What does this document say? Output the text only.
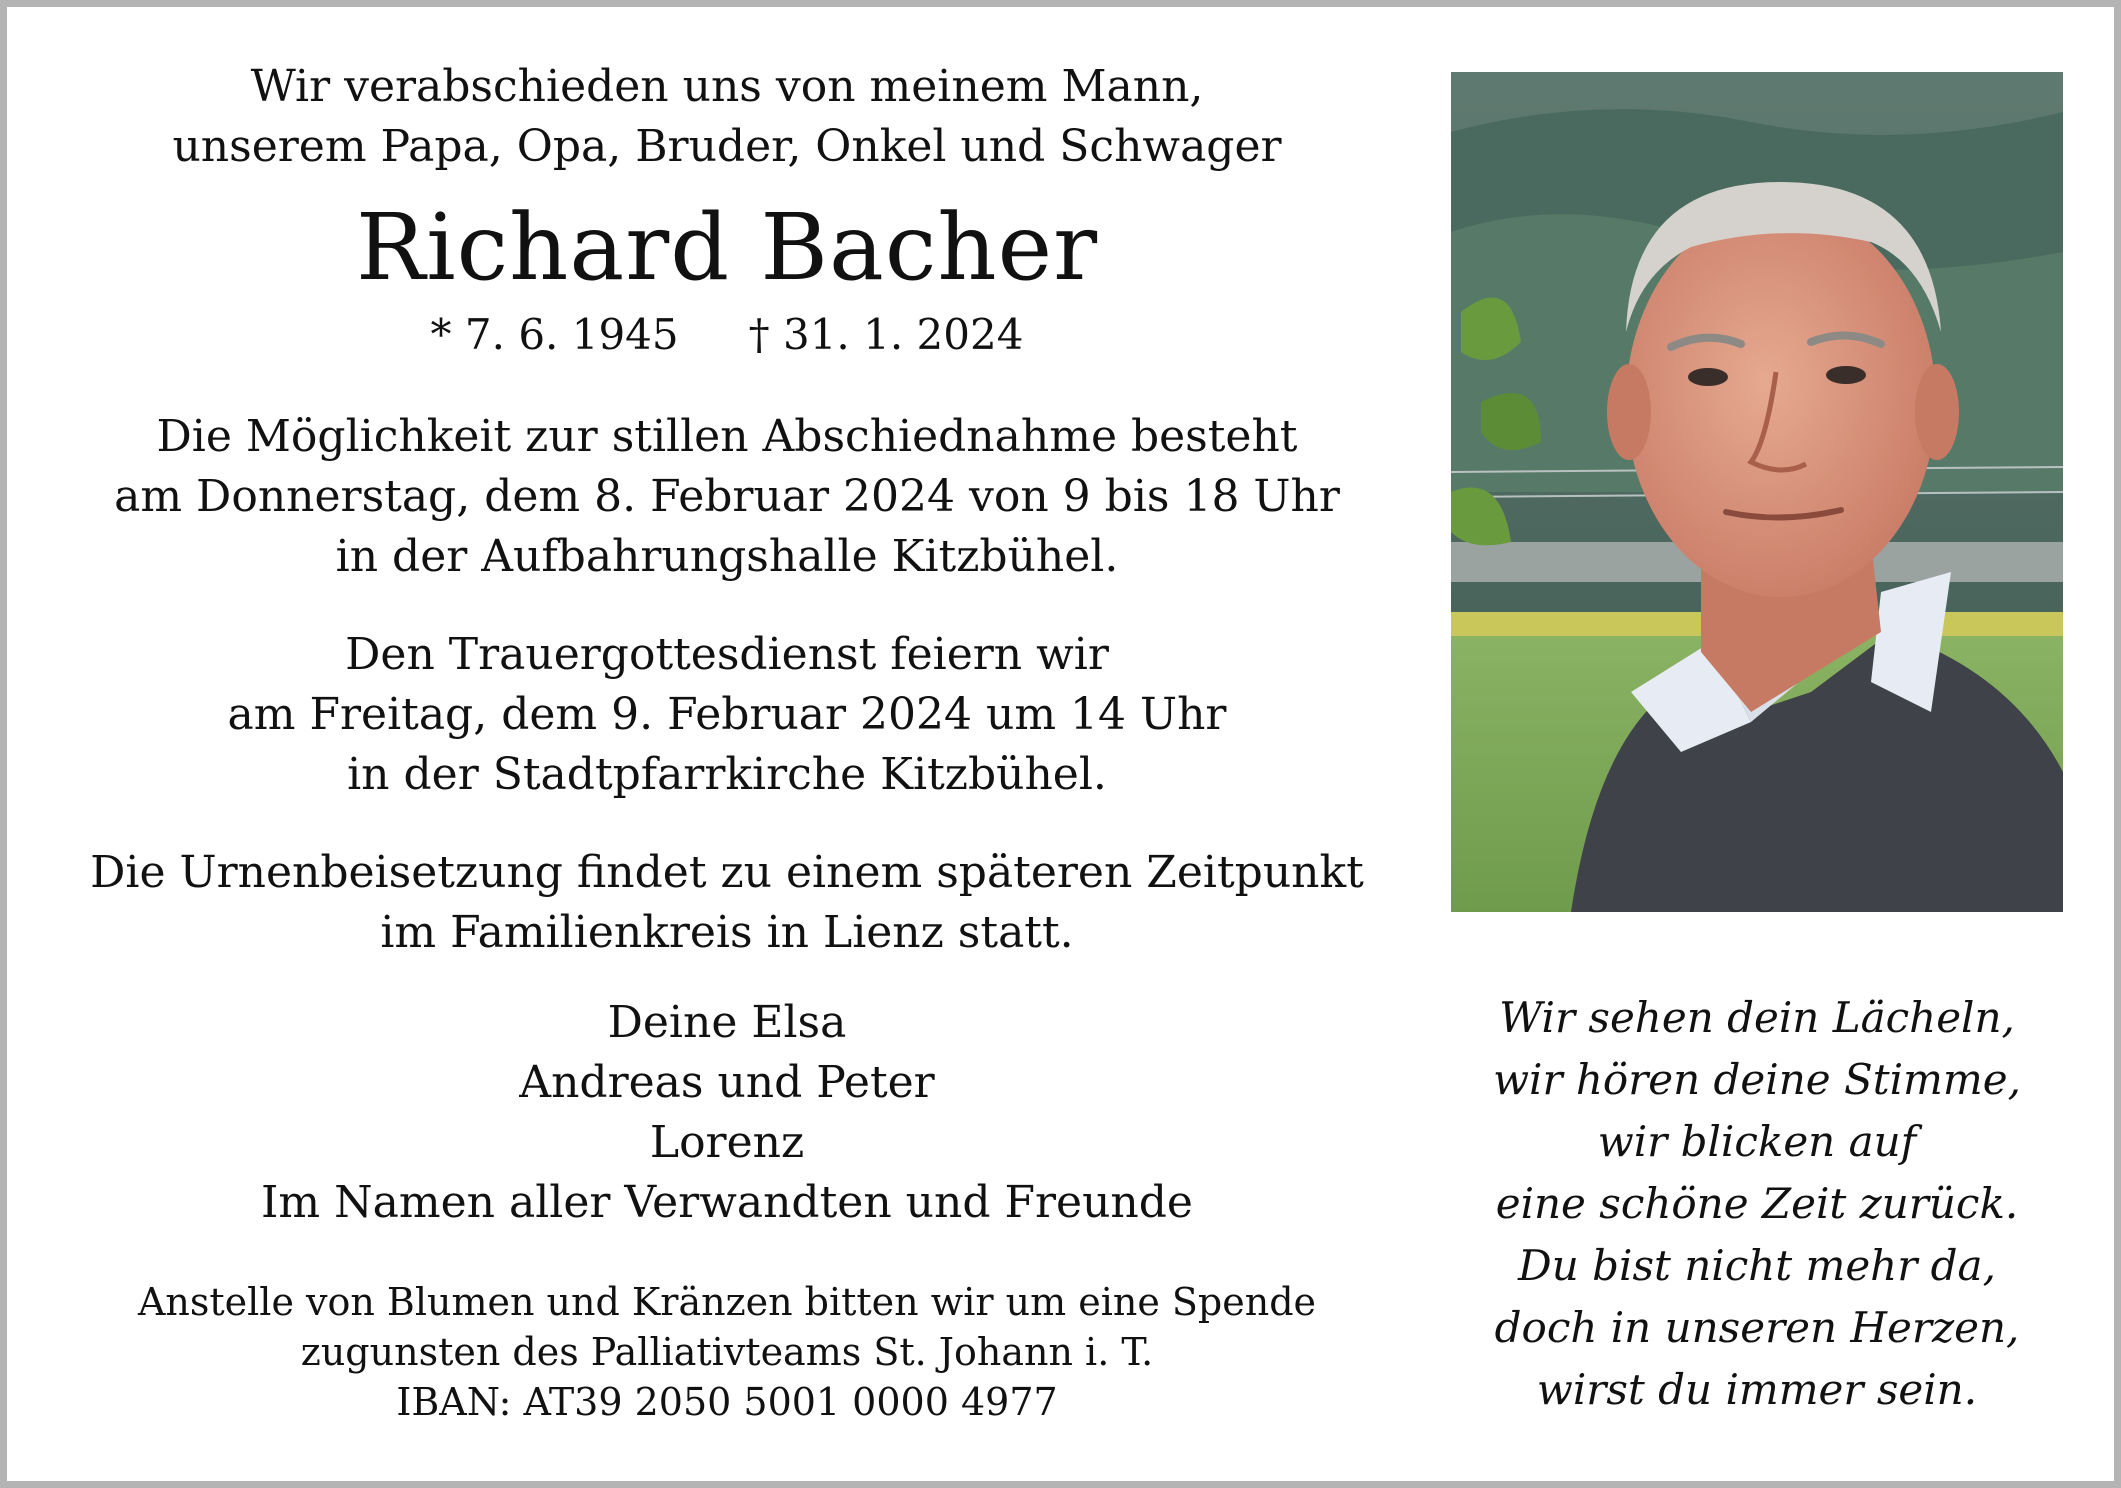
Wir verabschieden uns von meinem Mann,
unserem Papa, Opa, Bruder, Onkel und Schwager
Richard Bacher
* 7. 6. 1945 † 31. 1. 2024
Die Möglichkeit zur stillen Abschiednahme besteht
am Donnerstag, dem 8. Februar 2024 von 9 bis 18 Uhr
in der Aufbahrungshalle Kitzbühel.
Den Trauergottesdienst feiern wir
am Freitag, dem 9. Februar 2024 um 14 Uhr
in der Stadtpfarrkirche Kitzbühel.
Die Urnenbeisetzung findet zu einem späteren Zeitpunkt
im Familienkreis in Lienz statt.
Deine Elsa
Andreas und Peter
Lorenz
Im Namen aller Verwandten und Freunde
Anstelle von Blumen und Kränzen bitten wir um eine Spende
zugunsten des Palliativteams St. Johann i. T.
IBAN: AT39 2050 5001 0000 4977
Wir sehen dein Lächeln,
wir hören deine Stimme,
wir blicken auf
eine schöne Zeit zurück.
Du bist nicht mehr da,
doch in unseren Herzen,
wirst du immer sein.
